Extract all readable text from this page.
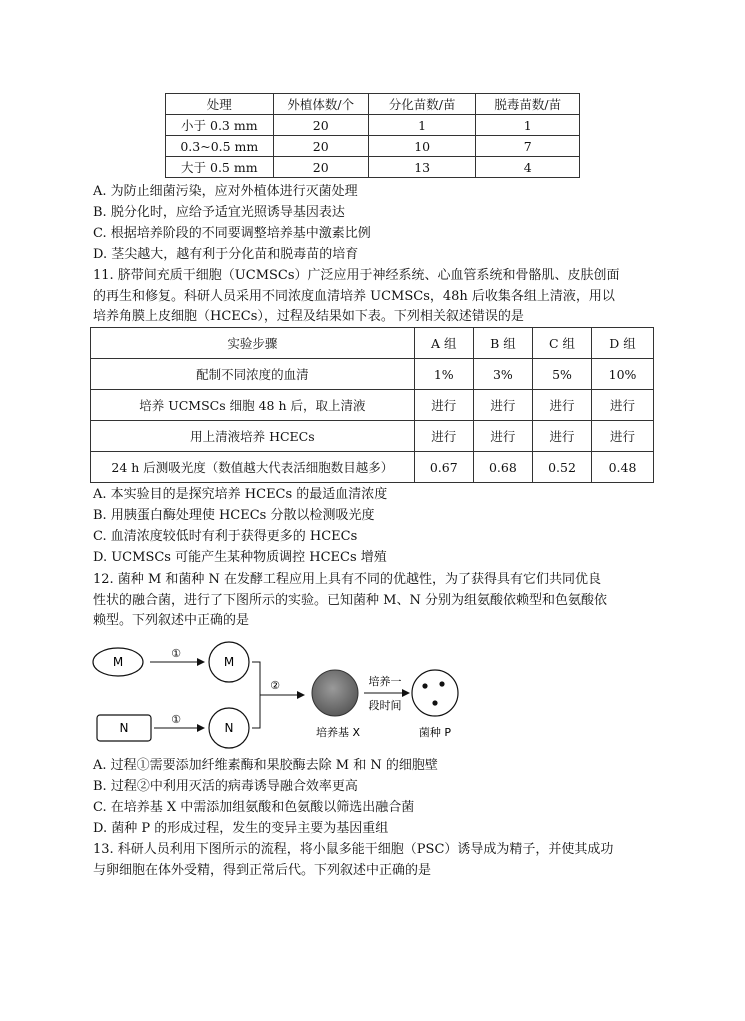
处理	外植体数/个	分化苗数/苗	脱毒苗数/苗
小于 0.3 mm	20	1	1
0.3~0.5 mm	20	10	7
大于 0.5 mm	20	13	4
A. 为防止细菌污染，应对外植体进行灭菌处理
B. 脱分化时，应给予适宜光照诱导基因表达
C. 根据培养阶段的不同要调整培养基中激素比例
D. 茎尖越大，越有利于分化苗和脱毒苗的培育
11. 脐带间充质干细胞（UCMSCs）广泛应用于神经系统、心血管系统和骨骼肌、皮肤创面
的再生和修复。科研人员采用不同浓度血清培养 UCMSCs，48h 后收集各组上清液，用以
培养角膜上皮细胞（HCECs），过程及结果如下表。下列相关叙述错误的是
实验步骤	A 组	B 组	C 组	D 组
配制不同浓度的血清	1%	3%	5%	10%
培养 UCMSCs 细胞 48 h 后，取上清液	进行	进行	进行	进行
用上清液培养 HCECs	进行	进行	进行	进行
24 h 后测吸光度（数值越大代表活细胞数目越多）	0.67	0.68	0.52	0.48
A. 本实验目的是探究培养 HCECs 的最适血清浓度
B. 用胰蛋白酶处理使 HCECs 分散以检测吸光度
C. 血清浓度较低时有利于获得更多的 HCECs
D. UCMSCs 可能产生某种物质调控 HCECs 增殖
12. 菌种 M 和菌种 N 在发酵工程应用上具有不同的优越性，为了获得具有它们共同优良
性状的融合菌，进行了下图所示的实验。已知菌种 M、N 分别为组氨酸依赖型和色氨酸依
赖型。下列叙述中正确的是
M
①
M
N
①
N
②
培养基 X
培养一
段时间
菌种 P
A. 过程①需要添加纤维素酶和果胶酶去除 M 和 N 的细胞壁
B. 过程②中利用灭活的病毒诱导融合效率更高
C. 在培养基 X 中需添加组氨酸和色氨酸以筛选出融合菌
D. 菌种 P 的形成过程，发生的变异主要为基因重组
13. 科研人员利用下图所示的流程，将小鼠多能干细胞（PSC）诱导成为精子，并使其成功
与卵细胞在体外受精，得到正常后代。下列叙述中正确的是
